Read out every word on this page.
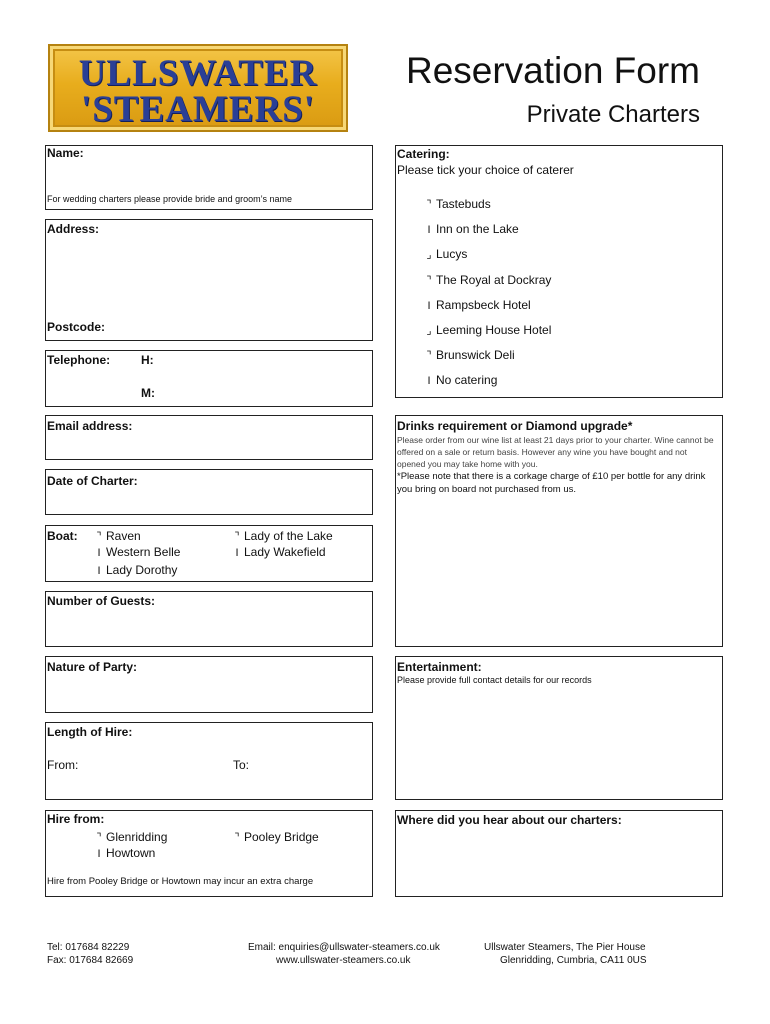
ULLSWATER
'STEAMERS'
Reservation Form
Private Charters
Name:
For wedding charters please provide bride and groom’s name
Address:
Postcode:
Telephone:	H:
M:
Email address:
Date of Charter:
Boat: ⌝ Raven
I Western Belle
I Lady Dorothy
⌝ Lady of the Lake
I Lady Wakefield
Number of Guests:
Nature of Party:
Length of Hire:
From:	To:
Hire from:
⌝ Glenridding
I Howtown
⌝ Pooley Bridge
Hire from Pooley Bridge or Howtown may incur an extra charge
Catering:
Please tick your choice of caterer
⌝ Tastebuds
I Inn on the Lake
⌟ Lucys
⌝ The Royal at Dockray
I Rampsbeck Hotel
⌟ Leeming House Hotel
⌝ Brunswick Deli
I No catering
Drinks requirement or Diamond upgrade*
Please order from our wine list at least 21 days prior to your charter. Wine cannot be offered on a sale or return basis. However any wine you have bought and not opened you may take home with you.
*Please note that there is a corkage charge of £10 per bottle for any drink you bring on board not purchased from us.
Entertainment:
Please provide full contact details for our records
Where did you hear about our charters:
Tel: 017684 82229
Fax: 017684 82669
Email: enquiries@ullswater-steamers.co.uk
www.ullswater-steamers.co.uk
Ullswater Steamers, The Pier House
Glenridding, Cumbria, CA11 0US
